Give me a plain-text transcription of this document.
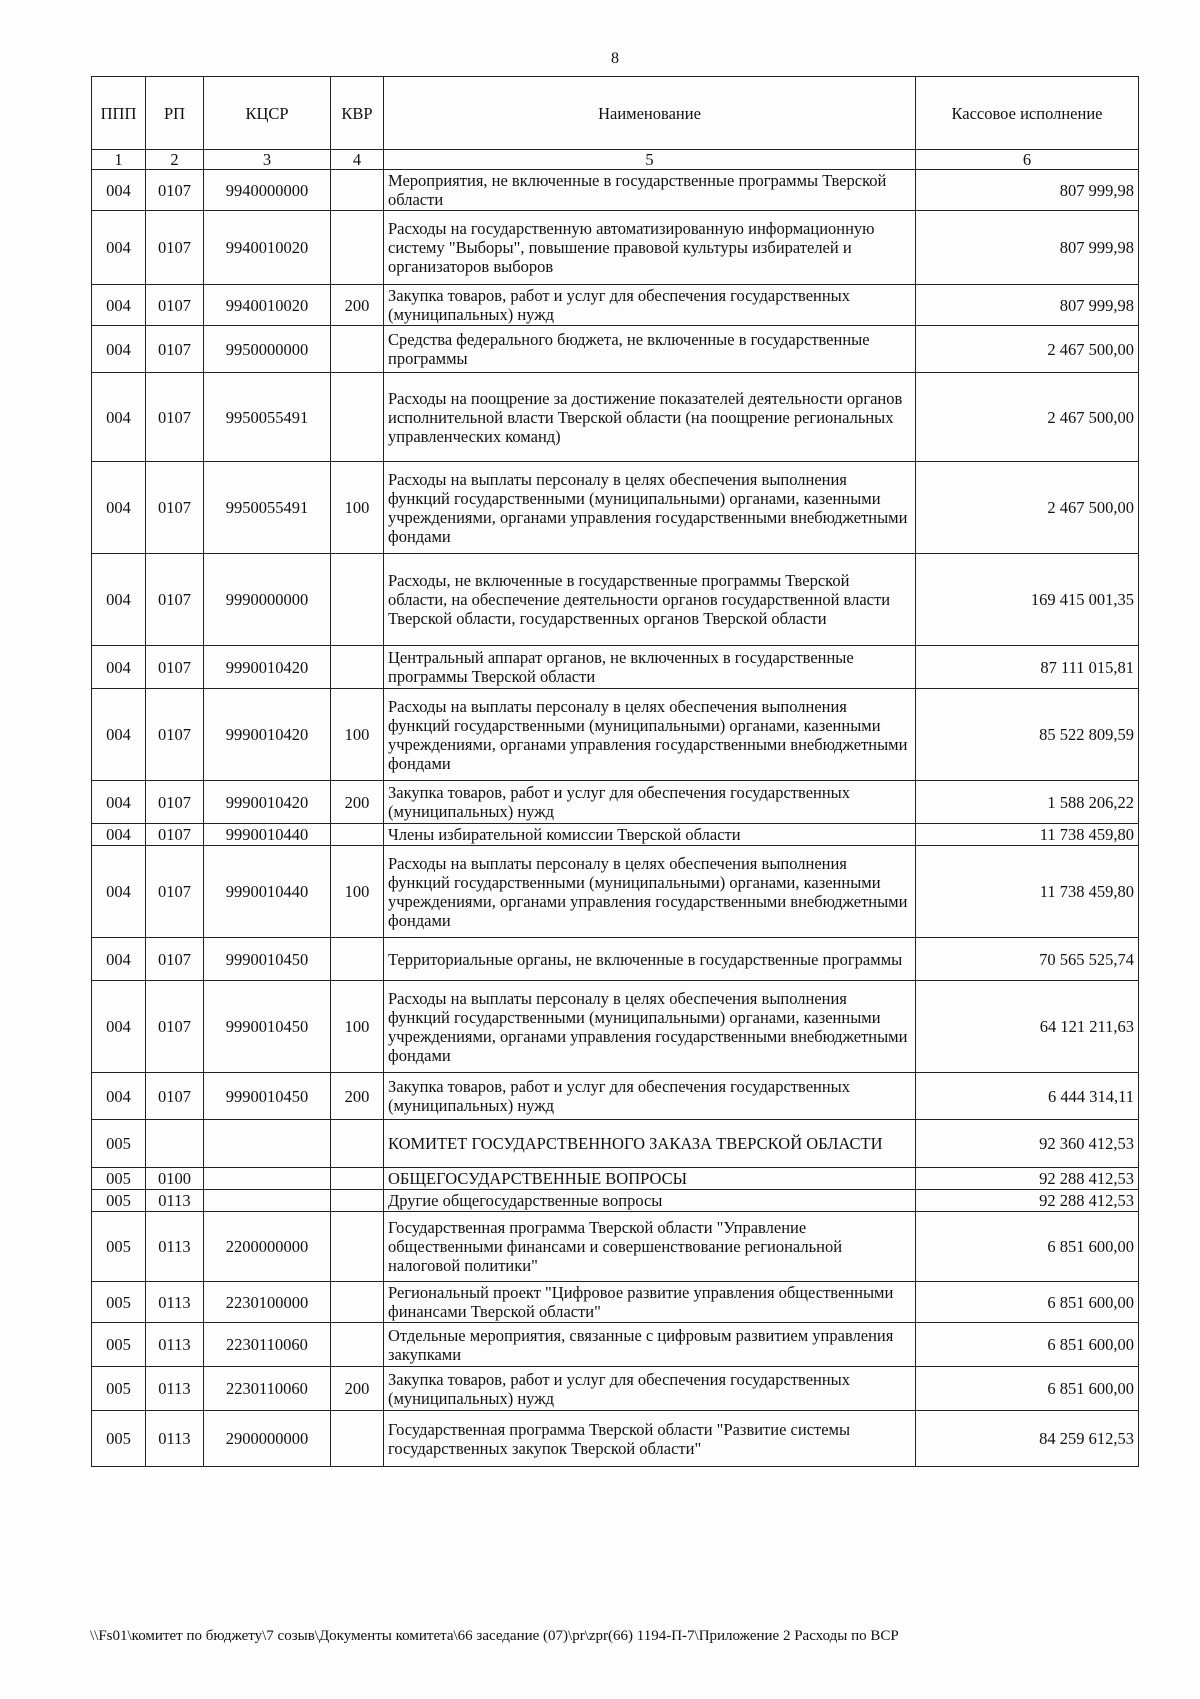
8
ППП	РП	КЦСР	КВР	Наименование	Кассовое исполнение
1	2	3	4	5	6
004	0107	9940000000		Мероприятия, не включенные в государственные программы Тверской области	807 999,98
004	0107	9940010020		Расходы на государственную автоматизированную информационную систему "Выборы", повышение правовой культуры избирателей и организаторов выборов	807 999,98
004	0107	9940010020	200	Закупка товаров, работ и услуг для обеспечения государственных (муниципальных) нужд	807 999,98
004	0107	9950000000		Средства федерального бюджета, не включенные в государственные программы	2 467 500,00
004	0107	9950055491		Расходы на поощрение за достижение показателей деятельности органов исполнительной власти Тверской области (на поощрение региональных управленческих команд)	2 467 500,00
004	0107	9950055491	100	Расходы на выплаты персоналу в целях обеспечения выполнения функций государственными (муниципальными) органами, казенными учреждениями, органами управления государственными внебюджетными фондами	2 467 500,00
004	0107	9990000000		Расходы, не включенные в государственные программы Тверской области, на обеспечение деятельности органов государственной власти Тверской области, государственных органов Тверской области	169 415 001,35
004	0107	9990010420		Центральный аппарат органов, не включенных в государственные программы Тверской области	87 111 015,81
004	0107	9990010420	100	Расходы на выплаты персоналу в целях обеспечения выполнения функций государственными (муниципальными) органами, казенными учреждениями, органами управления государственными внебюджетными фондами	85 522 809,59
004	0107	9990010420	200	Закупка товаров, работ и услуг для обеспечения государственных (муниципальных) нужд	1 588 206,22
004	0107	9990010440		Члены избирательной комиссии Тверской области	11 738 459,80
004	0107	9990010440	100	Расходы на выплаты персоналу в целях обеспечения выполнения функций государственными (муниципальными) органами, казенными учреждениями, органами управления государственными внебюджетными фондами	11 738 459,80
004	0107	9990010450		Территориальные органы, не включенные в государственные программы	70 565 525,74
004	0107	9990010450	100	Расходы на выплаты персоналу в целях обеспечения выполнения функций государственными (муниципальными) органами, казенными учреждениями, органами управления государственными внебюджетными фондами	64 121 211,63
004	0107	9990010450	200	Закупка товаров, работ и услуг для обеспечения государственных (муниципальных) нужд	6 444 314,11
005				КОМИТЕТ ГОСУДАРСТВЕННОГО ЗАКАЗА ТВЕРСКОЙ ОБЛАСТИ	92 360 412,53
005	0100			ОБЩЕГОСУДАРСТВЕННЫЕ ВОПРОСЫ	92 288 412,53
005	0113			Другие общегосударственные вопросы	92 288 412,53
005	0113	2200000000		Государственная программа Тверской области "Управление общественными финансами и совершенствование региональной налоговой политики"	6 851 600,00
005	0113	2230100000		Региональный проект "Цифровое развитие управления общественными финансами Тверской области"	6 851 600,00
005	0113	2230110060		Отдельные мероприятия, связанные с цифровым развитием управления закупками	6 851 600,00
005	0113	2230110060	200	Закупка товаров, работ и услуг для обеспечения государственных (муниципальных) нужд	6 851 600,00
005	0113	2900000000		Государственная программа Тверской области "Развитие системы государственных закупок Тверской области"	84 259 612,53
\\Fs01\комитет по бюджету\7 созыв\Документы комитета\66 заседание (07)\pr\zpr(66) 1194-П-7\Приложение 2 Расходы по ВСР
